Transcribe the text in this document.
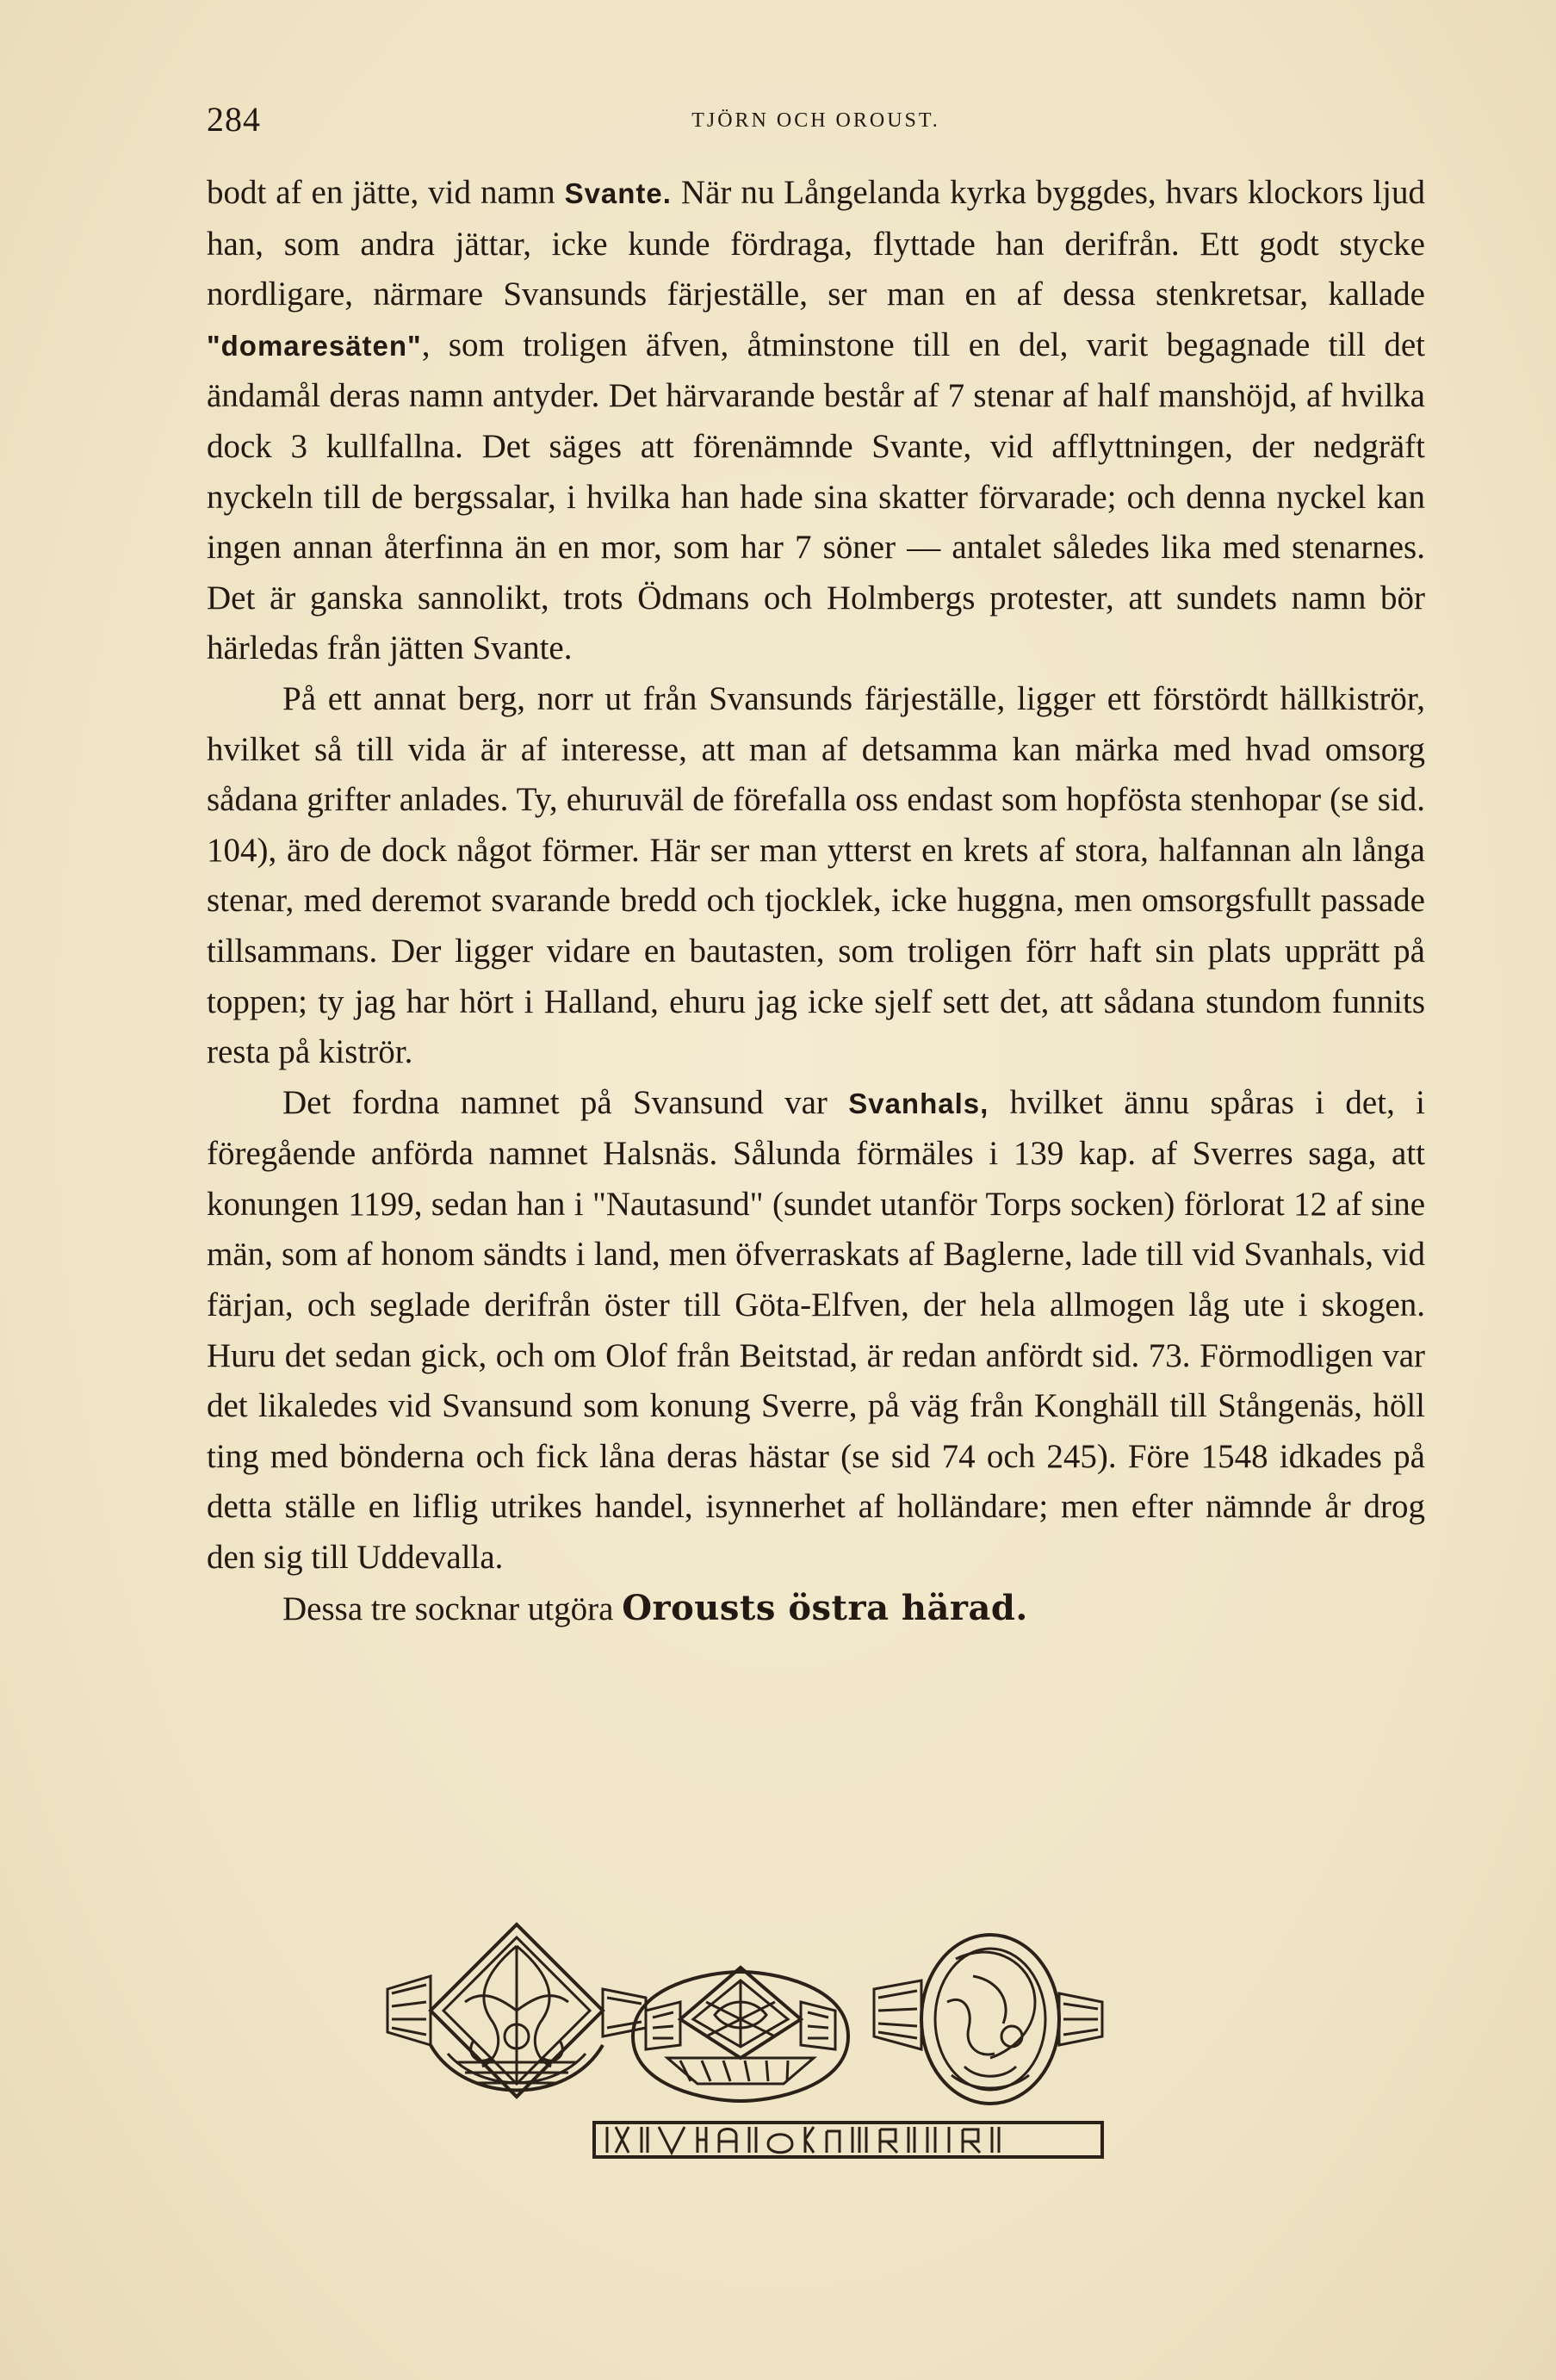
284	TJÖRN OCH OROUST.

bodt af en jätte, vid namn Svante. När nu Långelanda kyrka byggdes, hvars klockors ljud han, som andra jättar, icke kunde fördraga, flyttade han derifrån. Ett godt stycke nordligare, närmare Svansunds färjeställe, ser man en af dessa stenkretsar, kallade "domaresäten", som troligen äfven, åtminstone till en del, varit begagnade till det ändamål deras namn antyder. Det härvarande består af 7 stenar af half manshöjd, af hvilka dock 3 kullfallna. Det säges att förenämnde Svante, vid afflyttningen, der nedgräft nyckeln till de bergssalar, i hvilka han hade sina skatter förvarade; och denna nyckel kan ingen annan återfinna än en mor, som har 7 söner — antalet således lika med stenarnes. Det är ganska sannolikt, trots Ödmans och Holmbergs protester, att sundets namn bör härledas från jätten Svante.

På ett annat berg, norr ut från Svansunds färjeställe, ligger ett förstördt hällkiströr, hvilket så till vida är af interesse, att man af detsamma kan märka med hvad omsorg sådana grifter anlades. Ty, ehuruväl de förefalla oss endast som hopfösta stenhopar (se sid. 104), äro de dock något förmer. Här ser man ytterst en krets af stora, halfannan aln långa stenar, med deremot svarande bredd och tjocklek, icke huggna, men omsorgsfullt passade tillsammans. Der ligger vidare en bautasten, som troligen förr haft sin plats upprätt på toppen; ty jag har hört i Halland, ehuru jag icke sjelf sett det, att sådana stundom funnits resta på kiströr.

Det fordna namnet på Svansund var Svanhals, hvilket ännu spåras i det, i föregående anförda namnet Halsnäs. Sålunda förmäles i 139 kap. af Sverres saga, att konungen 1199, sedan han i "Nautasund" (sundet utanför Torps socken) förlorat 12 af sine män, som af honom sändts i land, men öfverraskats af Baglerne, lade till vid Svanhals, vid färjan, och seglade derifrån öster till Göta-Elfven, der hela allmogen låg ute i skogen. Huru det sedan gick, och om Olof från Beitstad, är redan anfördt sid. 73. Förmodligen var det likaledes vid Svansund som konung Sverre, på väg från Konghäll till Stångenäs, höll ting med bönderna och fick låna deras hästar (se sid 74 och 245). Före 1548 idkades på detta ställe en liflig utrikes handel, isynnerhet af holländare; men efter nämnde år drog den sig till Uddevalla.

Dessa tre socknar utgöra Orousts östra härad.
